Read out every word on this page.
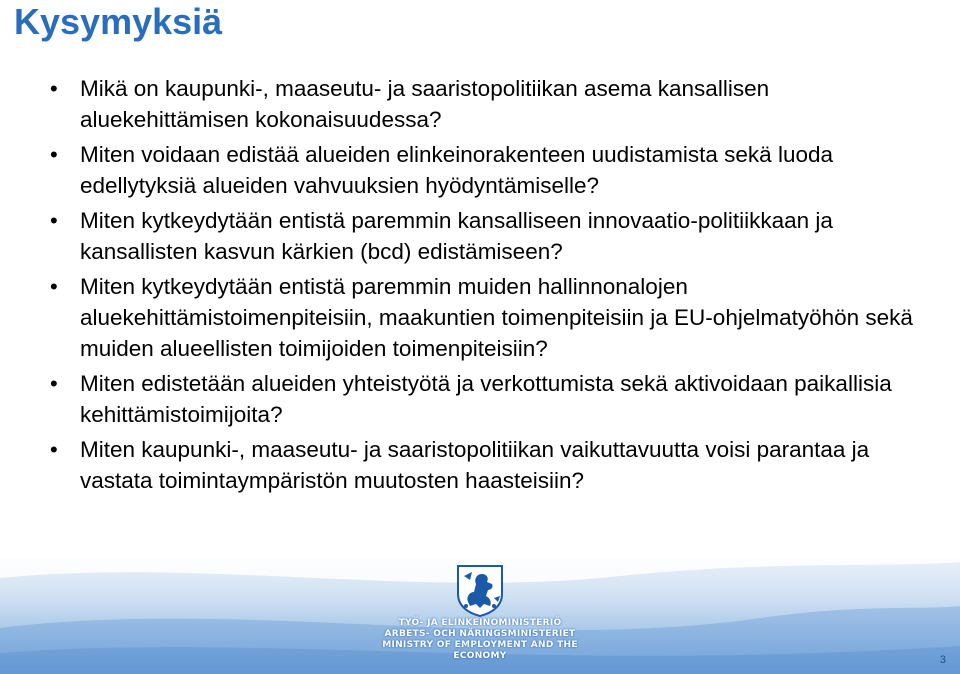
Kysymyksiä
• Mikä on kaupunki-, maaseutu- ja saaristopolitiikan asema kansallisen aluekehittämisen kokonaisuudessa?
• Miten voidaan edistää alueiden elinkeinorakenteen uudistamista sekä luoda edellytyksiä alueiden vahvuuksien hyödyntämiselle?
• Miten kytkeydytään entistä paremmin kansalliseen innovaatio-politiikkaan ja kansallisten kasvun kärkien (bcd) edistämiseen?
• Miten kytkeydytään entistä paremmin muiden hallinnonalojen aluekehittämistoimenpiteisiin, maakuntien toimenpiteisiin ja EU-ohjelmatyöhön sekä muiden alueellisten toimijoiden toimenpiteisiin?
• Miten edistetään alueiden yhteistyötä ja verkottumista sekä aktivoidaan paikallisia kehittämistoimijoita?
• Miten kaupunki-, maaseutu- ja saaristopolitiikan vaikuttavuutta voisi parantaa ja vastata toimintaympäristön muutosten haasteisiin?
TYÖ- JA ELINKEINOMINISTERIÖ
ARBETS- OCH NÄRINGSMINISTERIET
MINISTRY OF EMPLOYMENT AND THE ECONOMY	3
